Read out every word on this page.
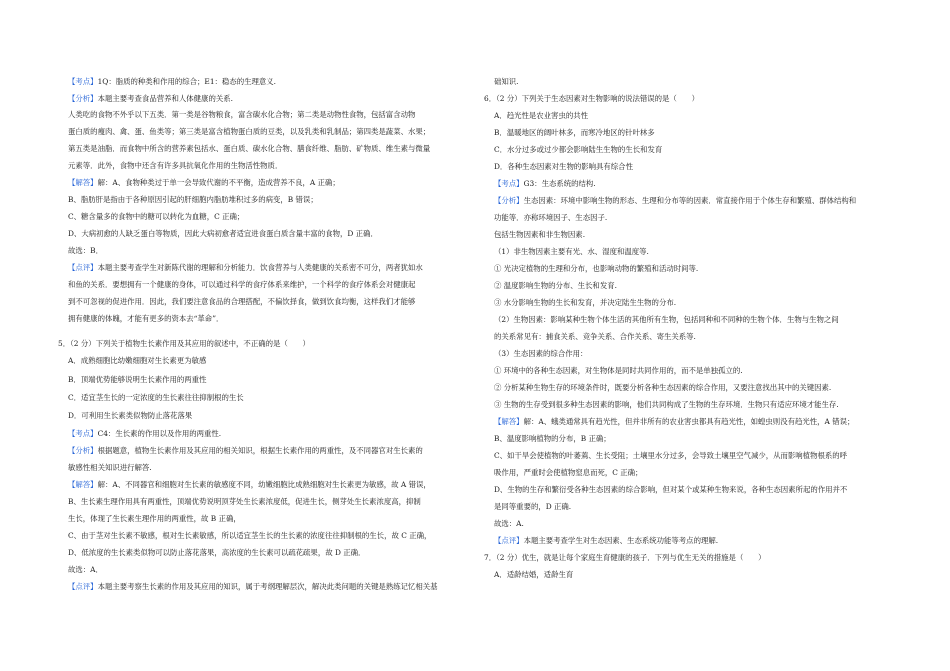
【考点】1Q：脂质的种类和作用的综合；E1：稳态的生理意义.
【分析】本题主要考查食品营养和人体健康的关系.
人类吃的食物不外乎以下五类．第一类是谷物粮食，富含碳水化合物；第二类是动物性食物，包括富含动物
蛋白质的瘦肉、禽、蛋、鱼类等；第三类是富含植物蛋白质的豆类，以及乳类和乳制品；第四类是蔬菜、水果；
第五类是油脂．而食物中所含的营养素包括水、蛋白质、碳水化合物、膳食纤维、脂肪、矿物质、维生素与微量
元素等．此外，食物中还含有许多具抗氧化作用的生物活性物质．
【解答】解：A、食物种类过于单一会导致代谢的不平衡，造成营养不良，A 正确；
B、脂肪肝是指由于各种原因引起的肝细胞内脂肪堆积过多的病变，B 错误；
C、糖含量多的食物中的糖可以转化为血糖，C 正确；
D、大病初愈的人缺乏蛋白等物质，因此大病初愈者适宜进食蛋白质含量丰富的食物，D 正确．
故选：B．
【点评】本题主要考查学生对新陈代谢的理解和分析能力．饮食营养与人类健康的关系密不可分，两者犹如水
和鱼的关系．要想拥有一个健康的身体，可以通过科学的食疗体系来维护，一个科学的食疗体系会对健康起
到不可忽视的促进作用．因此，我们要注意食品的合理搭配，不偏饮择食，做到饮食均衡，这样我们才能够
拥有健康的体魄，才能有更多的资本去“革命”．
5．（2 分）下列关于植物生长素作用及其应用的叙述中，不正确的是（　　）
A．成熟细胞比幼嫩细胞对生长素更为敏感
B．顶端优势能够说明生长素作用的两重性
C．适宜茎生长的一定浓度的生长素往往抑制根的生长
D．可利用生长素类似物防止落花落果
【考点】C4：生长素的作用以及作用的两重性.
【分析】根据题意，植物生长素作用及其应用的相关知识，根据生长素作用的两重性，及不同器官对生长素的
敏感性相关知识进行解答.
【解答】解：A、不同器官和细胞对生长素的敏感度不同，幼嫩细胞比成熟细胞对生长素更为敏感，故 A 错误，
B、生长素生理作用具有两重性，顶端优势说明顶芽处生长素浓度低，促进生长，侧芽处生长素浓度高，抑制
生长，体现了生长素生理作用的两重性，故 B 正确，
C、由于茎对生长素不敏感，根对生长素敏感，所以适宜茎生长的生长素的浓度往往抑制根的生长，故 C 正确，
D、低浓度的生长素类似物可以防止落花落果，高浓度的生长素可以疏花疏果，故 D 正确．
故选：A．
【点评】本题主要考察生长素的作用及其应用的知识，属于考纲理解层次，解决此类问题的关键是熟练记忆相关基
础知识.
6．（2 分）下列关于生态因素对生物影响的说法错误的是（　　）
A．趋光性是农业害虫的共性
B．温暖地区的阔叶林多，而寒冷地区的针叶林多
C．水分过多或过少都会影响陆生生物的生长和发育
D．各种生态因素对生物的影响具有综合性
【考点】G3：生态系统的结构.
【分析】生态因素：环境中影响生物的形态、生理和分布等的因素．常直接作用于个体生存和繁殖、群体结构和
功能等．亦称环境因子、生态因子.
包括生物因素和非生物因素.
（1）非生物因素主要有光、水、湿度和温度等.
① 光决定植物的生理和分布，也影响动物的繁殖和活动时间等.
② 温度影响生物的分布、生长和发育.
③ 水分影响生物的生长和发育，并决定陆生生物的分布.
（2）生物因素：影响某种生物个体生活的其他所有生物，包括同种和不同种的生物个体．生物与生物之间
的关系常见有：捕食关系、竞争关系、合作关系、寄生关系等.
（3）生态因素的综合作用：
① 环境中的各种生态因素，对生物体是同时共同作用的，而不是单独孤立的.
② 分析某种生物生存的环境条件时，既要分析各种生态因素的综合作用，又要注意找出其中的关键因素.
③ 生物的生存受到很多种生态因素的影响，他们共同构成了生物的生存环境．生物只有适应环境才能生存.
【解答】解：A、蛾类通常具有趋光性，但并非所有的农业害虫都具有趋光性，如蝗虫则没有趋光性，A 错误；
B、温度影响植物的分布，B 正确；
C、如干旱会使植物的叶萎蔫、生长受阻；土壤里水分过多，会导致土壤里空气减少，从而影响植物根系的呼
吸作用，严重时会使植物窒息而死，C 正确；
D、生物的生存和繁衍受各种生态因素的综合影响，但对某个或某种生物来说，各种生态因素所起的作用并不
是同等重要的，D 正确.
故选：A.
【点评】本题主要考查学生对生态因素、生态系统功能等考点的理解.
7．（2 分）优生，就是让每个家庭生育健康的孩子．下列与优生无关的措施是（　　）
A．适龄结婚，适龄生育
